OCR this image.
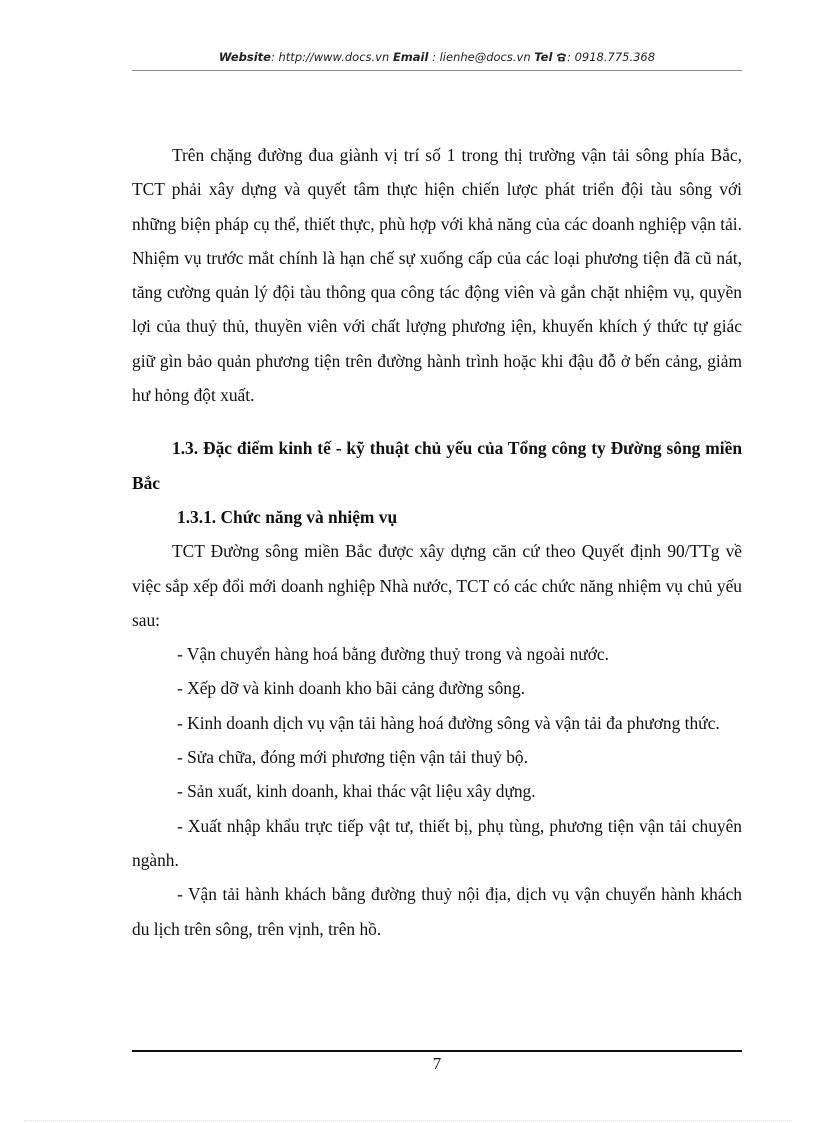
Website: http://www.docs.vn Email : lienhe@docs.vn Tel : 0918.775.368

Trên chặng đường đua giành vị trí số 1 trong thị trường vận tải sông phía Bắc, TCT phải xây dựng và quyết tâm thực hiện chiến lược phát triển đội tàu sông với những biện pháp cụ thể, thiết thực, phù hợp với khả năng của các doanh nghiệp vận tải. Nhiệm vụ trước mắt chính là hạn chế sự xuống cấp của các loại phương tiện đã cũ nát, tăng cường quản lý đội tàu thông qua công tác động viên và gắn chặt nhiệm vụ, quyền lợi của thuỷ thủ, thuyền viên với chất lượng phương iện, khuyến khích ý thức tự giác giữ gìn bảo quản phương tiện trên đường hành trình hoặc khi đậu đỗ ở bến cảng, giảm hư hỏng đột xuất.

1.3. Đặc điểm kinh tế - kỹ thuật chủ yếu của Tổng công ty Đường sông miền Bắc

1.3.1. Chức năng và nhiệm vụ

TCT Đường sông miền Bắc được xây dựng căn cứ theo Quyết định 90/TTg về việc sắp xếp đổi mới doanh nghiệp Nhà nước, TCT có các chức năng nhiệm vụ chủ yếu sau:

- Vận chuyển hàng hoá bằng đường thuỷ trong và ngoài nước.

- Xếp dỡ và kinh doanh kho bãi cảng đường sông.

- Kinh doanh dịch vụ vận tải hàng hoá đường sông và vận tải đa phương thức.

- Sửa chữa, đóng mới phương tiện vận tải thuỷ bộ.

- Sản xuất, kinh doanh, khai thác vật liệu xây dựng.

- Xuất nhập khẩu trực tiếp vật tư, thiết bị, phụ tùng, phương tiện vận tải chuyên ngành.

- Vận tải hành khách bằng đường thuỷ nội địa, dịch vụ vận chuyển hành khách du lịch trên sông, trên vịnh, trên hồ.

7
